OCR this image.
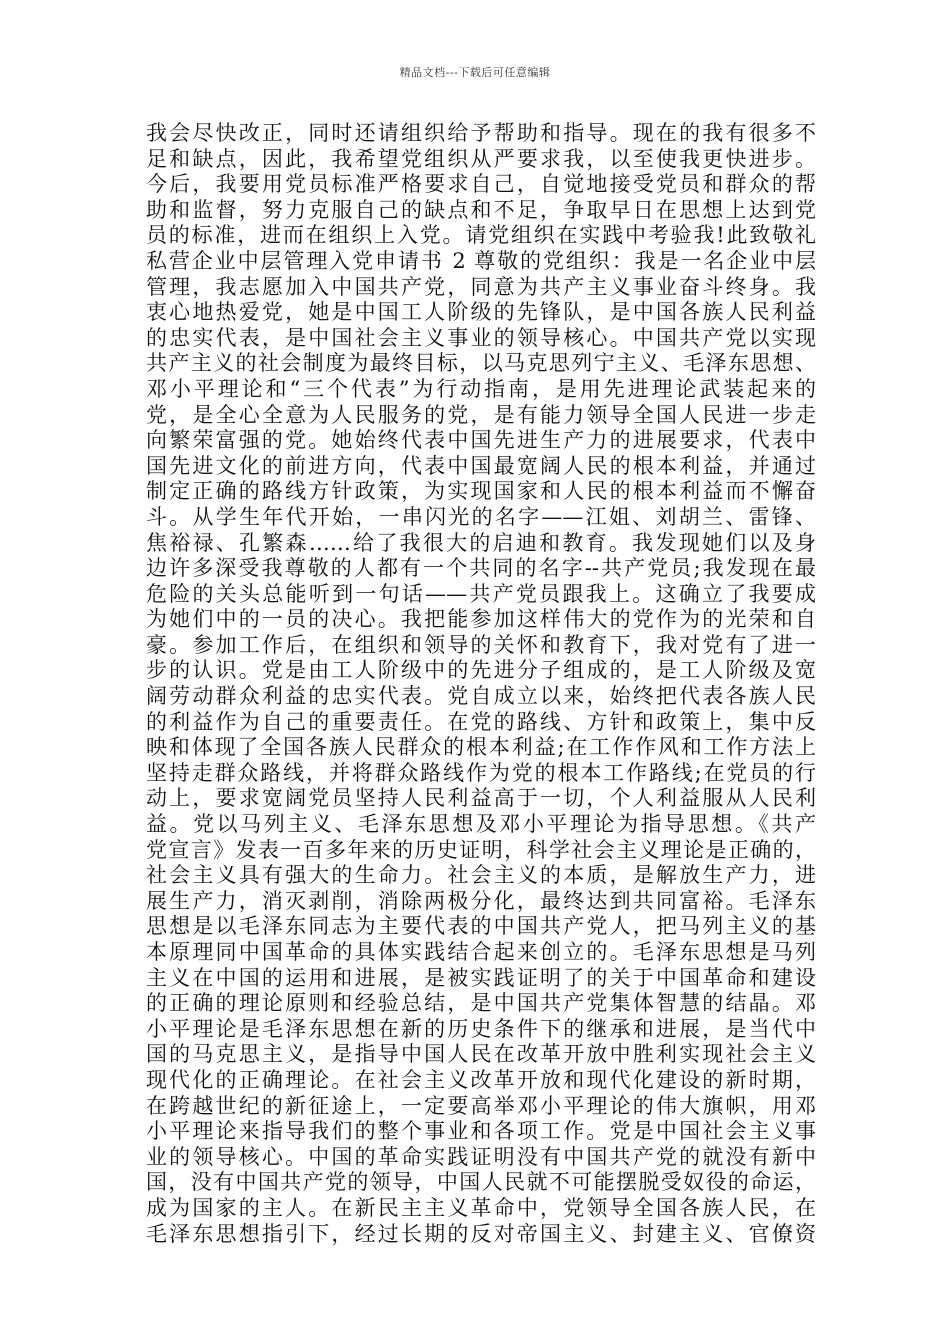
精品文档---下载后可任意编辑
我会尽快改正，同时还请组织给予帮助和指导。现在的我有很多不
足和缺点，因此，我希望党组织从严要求我，以至使我更快进步。
今后，我要用党员标准严格要求自己，自觉地接受党员和群众的帮
助和监督，努力克服自己的缺点和不足，争取早日在思想上达到党
员的标准，进而在组织上入党。请党组织在实践中考验我!此致敬礼
私营企业中层管理入党申请书 2 尊敬的党组织：我是一名企业中层
管理，我志愿加入中国共产党，同意为共产主义事业奋斗终身。我
衷心地热爱党，她是中国工人阶级的先锋队，是中国各族人民利益
的忠实代表，是中国社会主义事业的领导核心。中国共产党以实现
共产主义的社会制度为最终目标，以马克思列宁主义、毛泽东思想、
邓小平理论和“三个代表”为行动指南，是用先进理论武装起来的
党，是全心全意为人民服务的党，是有能力领导全国人民进一步走
向繁荣富强的党。她始终代表中国先进生产力的进展要求，代表中
国先进文化的前进方向，代表中国最宽阔人民的根本利益，并通过
制定正确的路线方针政策，为实现国家和人民的根本利益而不懈奋
斗。从学生年代开始，一串闪光的名字——江姐、刘胡兰、雷锋、
焦裕禄、孔繁森……给了我很大的启迪和教育。我发现她们以及身
边许多深受我尊敬的人都有一个共同的名字--共产党员;我发现在最
危险的关头总能听到一句话——共产党员跟我上。这确立了我要成
为她们中的一员的决心。我把能参加这样伟大的党作为的光荣和自
豪。参加工作后，在组织和领导的关怀和教育下，我对党有了进一
步的认识。党是由工人阶级中的先进分子组成的，是工人阶级及宽
阔劳动群众利益的忠实代表。党自成立以来，始终把代表各族人民
的利益作为自己的重要责任。在党的路线、方针和政策上，集中反
映和体现了全国各族人民群众的根本利益;在工作作风和工作方法上
坚持走群众路线，并将群众路线作为党的根本工作路线;在党员的行
动上，要求宽阔党员坚持人民利益高于一切，个人利益服从人民利
益。党以马列主义、毛泽东思想及邓小平理论为指导思想。《共产
党宣言》发表一百多年来的历史证明，科学社会主义理论是正确的，
社会主义具有强大的生命力。社会主义的本质，是解放生产力，进
展生产力，消灭剥削，消除两极分化，最终达到共同富裕。毛泽东
思想是以毛泽东同志为主要代表的中国共产党人，把马列主义的基
本原理同中国革命的具体实践结合起来创立的。毛泽东思想是马列
主义在中国的运用和进展，是被实践证明了的关于中国革命和建设
的正确的理论原则和经验总结，是中国共产党集体智慧的结晶。邓
小平理论是毛泽东思想在新的历史条件下的继承和进展，是当代中
国的马克思主义，是指导中国人民在改革开放中胜利实现社会主义
现代化的正确理论。在社会主义改革开放和现代化建设的新时期，
在跨越世纪的新征途上，一定要高举邓小平理论的伟大旗帜，用邓
小平理论来指导我们的整个事业和各项工作。党是中国社会主义事
业的领导核心。中国的革命实践证明没有中国共产党的就没有新中
国，没有中国共产党的领导，中国人民就不可能摆脱受奴役的命运，
成为国家的主人。在新民主主义革命中，党领导全国各族人民，在
毛泽东思想指引下，经过长期的反对帝国主义、封建主义、官僚资
